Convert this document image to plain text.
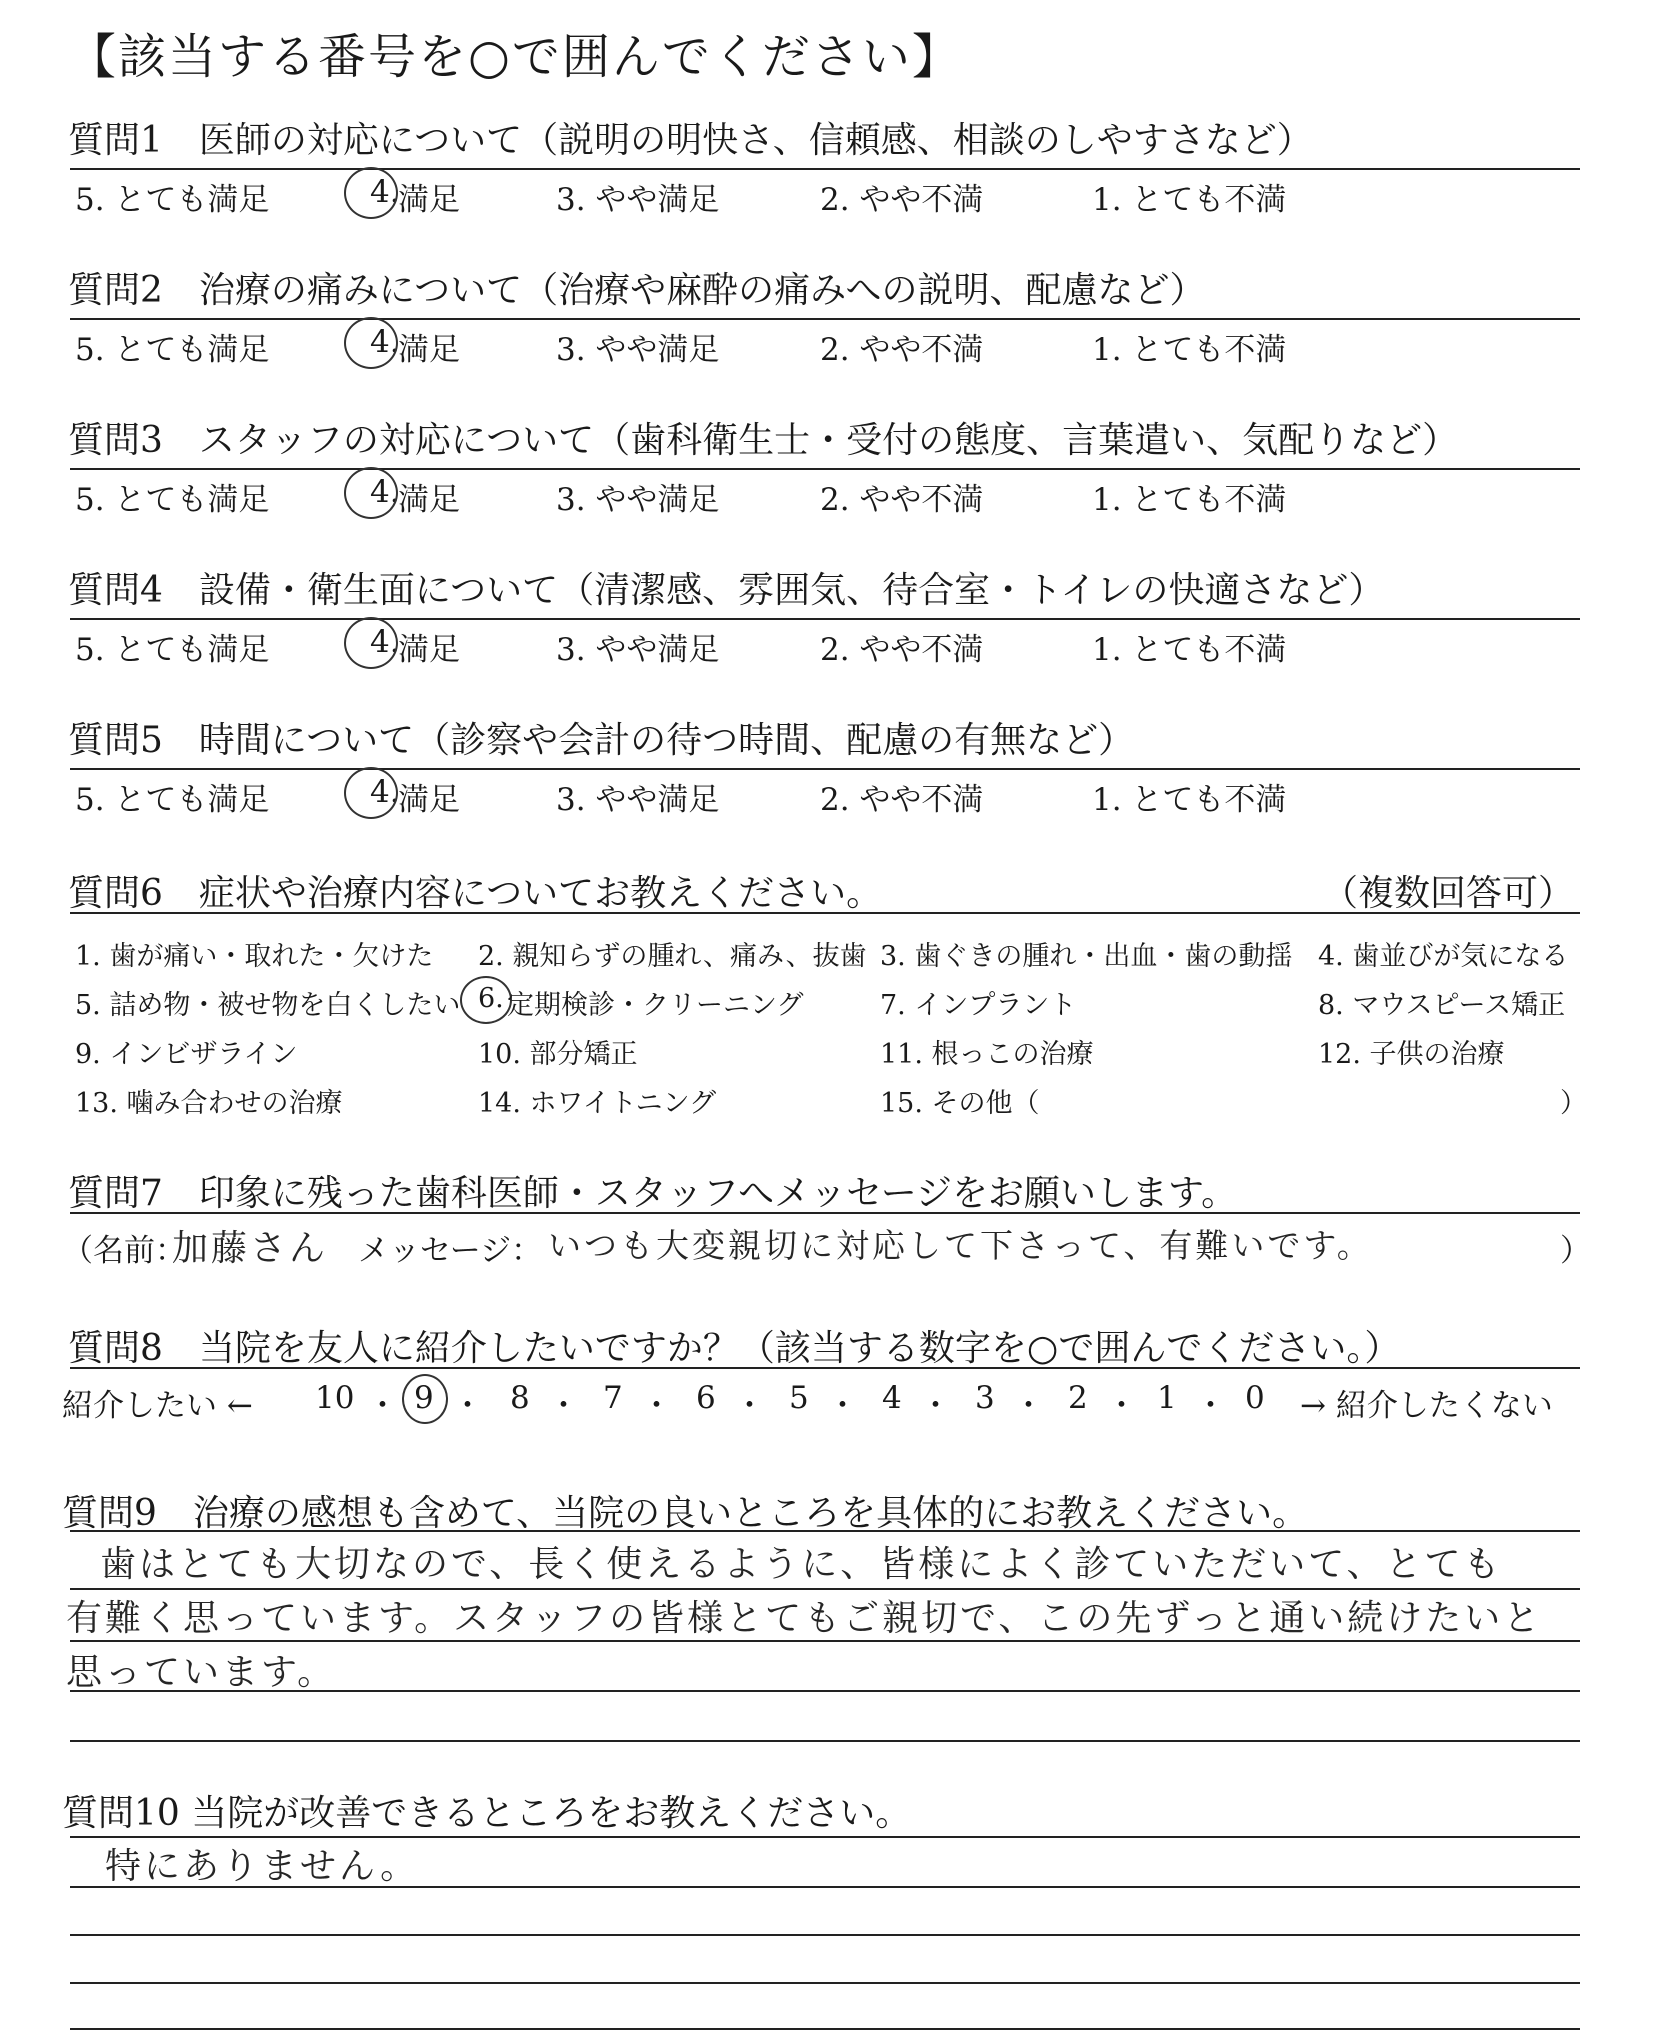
【該当する番号を○で囲んでください】
質問1　医師の対応について（説明の明快さ、信頼感、相談のしやすさなど）
5. とても満足	4.
満足	3. やや満足	2. やや不満	1. とても不満
質問2　治療の痛みについて（治療や麻酔の痛みへの説明、配慮など）
5. とても満足	4.
満足	3. やや満足	2. やや不満	1. とても不満
質問3　スタッフの対応について（歯科衛生士・受付の態度、言葉遣い、気配りなど）
5. とても満足	4.
満足	3. やや満足	2. やや不満	1. とても不満
質問4　設備・衛生面について（清潔感、雰囲気、待合室・トイレの快適さなど）
5. とても満足	4.
満足	3. やや満足	2. やや不満	1. とても不満
質問5　時間について（診察や会計の待つ時間、配慮の有無など）
5. とても満足	4.
満足	3. やや満足	2. やや不満	1. とても不満
質問6　症状や治療内容についてお教えください。	（複数回答可）
1. 歯が痛い・取れた・欠けた 2. 親知らずの腫れ、痛み、抜歯 3. 歯ぐきの腫れ・出血・歯の動揺 4. 歯並びが気になる
5. 詰め物・被せ物を白くしたい 6. 定期検診・クリーニング	7. インプラント	8. マウスピース矯正
9. インビザライン	10. 部分矯正	11. 根っこの治療	12. 子供の治療
13. 噛み合わせの治療	14. ホワイトニング	15. その他（	）
質問7　印象に残った歯科医師・スタッフへメッセージをお願いします。
（名前：
加藤さん メッセージ： いつも大変親切に対応して下さって、有難いです。	）
質問8　当院を友人に紹介したいですか？（該当する数字を○で囲んでください。）
紹介したい ← 10 ・ 9 ・ 8 ・ 7 ・ 6 ・ 5 ・ 4 ・ 3 ・ 2 ・ 1 ・ 0 → 紹介したくない
質問9　治療の感想も含めて、当院の良いところを具体的にお教えください。
歯はとても大切なので、長く使えるように、皆様によく診ていただいて、とても
有難く思っています。スタッフの皆様とてもご親切で、この先ずっと通い続けたいと
思っています。
質問10 当院が改善できるところをお教えください。
特にありません。
